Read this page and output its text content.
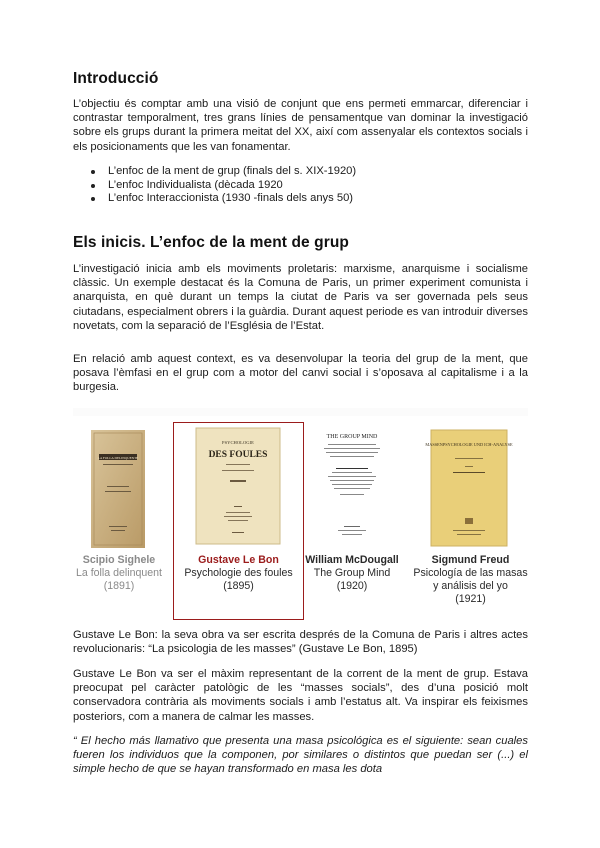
Introducció

L’objectiu és comptar amb una visió de conjunt que ens permeti emmarcar, diferenciar i contrastar temporalment, tres grans línies de pensamentque van dominar la investigació sobre els grups durant la primera meitat del XX, així com assenyalar els contextos socials i els posicionaments que les van fonamentar.

L’enfoc de la ment de grup (finals del s. XIX-1920)
L’enfoc Individualista (dècada 1920
L’enfoc Interaccionista (1930 -finals dels anys 50)
Els inicis. L’enfoc de la ment de grup

L’investigació inicia amb els moviments proletaris: marxisme, anarquisme i socialisme clàssic. Un exemple destacat és la Comuna de Paris, un primer experiment comunista i anarquista, en què durant un temps la ciutat de Paris va ser governada pels seus ciutadans, especialment obrers i la guàrdia. Durant aquest periode es van introduir diverses novetats, com la separació de l’Església de l’Estat.

En relació amb aquest context, es va desenvolupar la teoria del grup de la ment, que posava l’èmfasi en el grup com a motor del canvi social i s’oposava al capitalisme i a la burgesia.

LA FOLLA DELINQUENTE
Scipio Sighele
La folla delinquent
(1891)
PSYCHOLOGIE
DES FOULES
Gustave Le Bon
Psychologie des foules
(1895)
THE GROUP MIND
William McDougall
The Group Mind
(1920)
MASSENPSYCHOLOGIE UND ICH-ANALYSE
Sigmund Freud
Psicología de las masas
y análisis del yo
(1921)

Gustave Le Bon: la seva obra va ser escrita després de la Comuna de Paris i altres actes revolucionaris: “La psicologia de les masses” (Gustave Le Bon, 1895)

Gustave Le Bon va ser el màxim representant de la corrent de la ment de grup. Estava preocupat pel caràcter patològic de les “masses socials”, des d’una posició molt conservadora contrària als moviments socials i amb l’estatus alt. Va inspirar els feixismes posteriors, com a manera de calmar les masses.

“ El hecho más llamativo que presenta una masa psicológica es el siguiente: sean cuales fueren los individuos que la componen, por similares o distintos que puedan ser (...) el simple hecho de que se hayan transformado en masa les dota
